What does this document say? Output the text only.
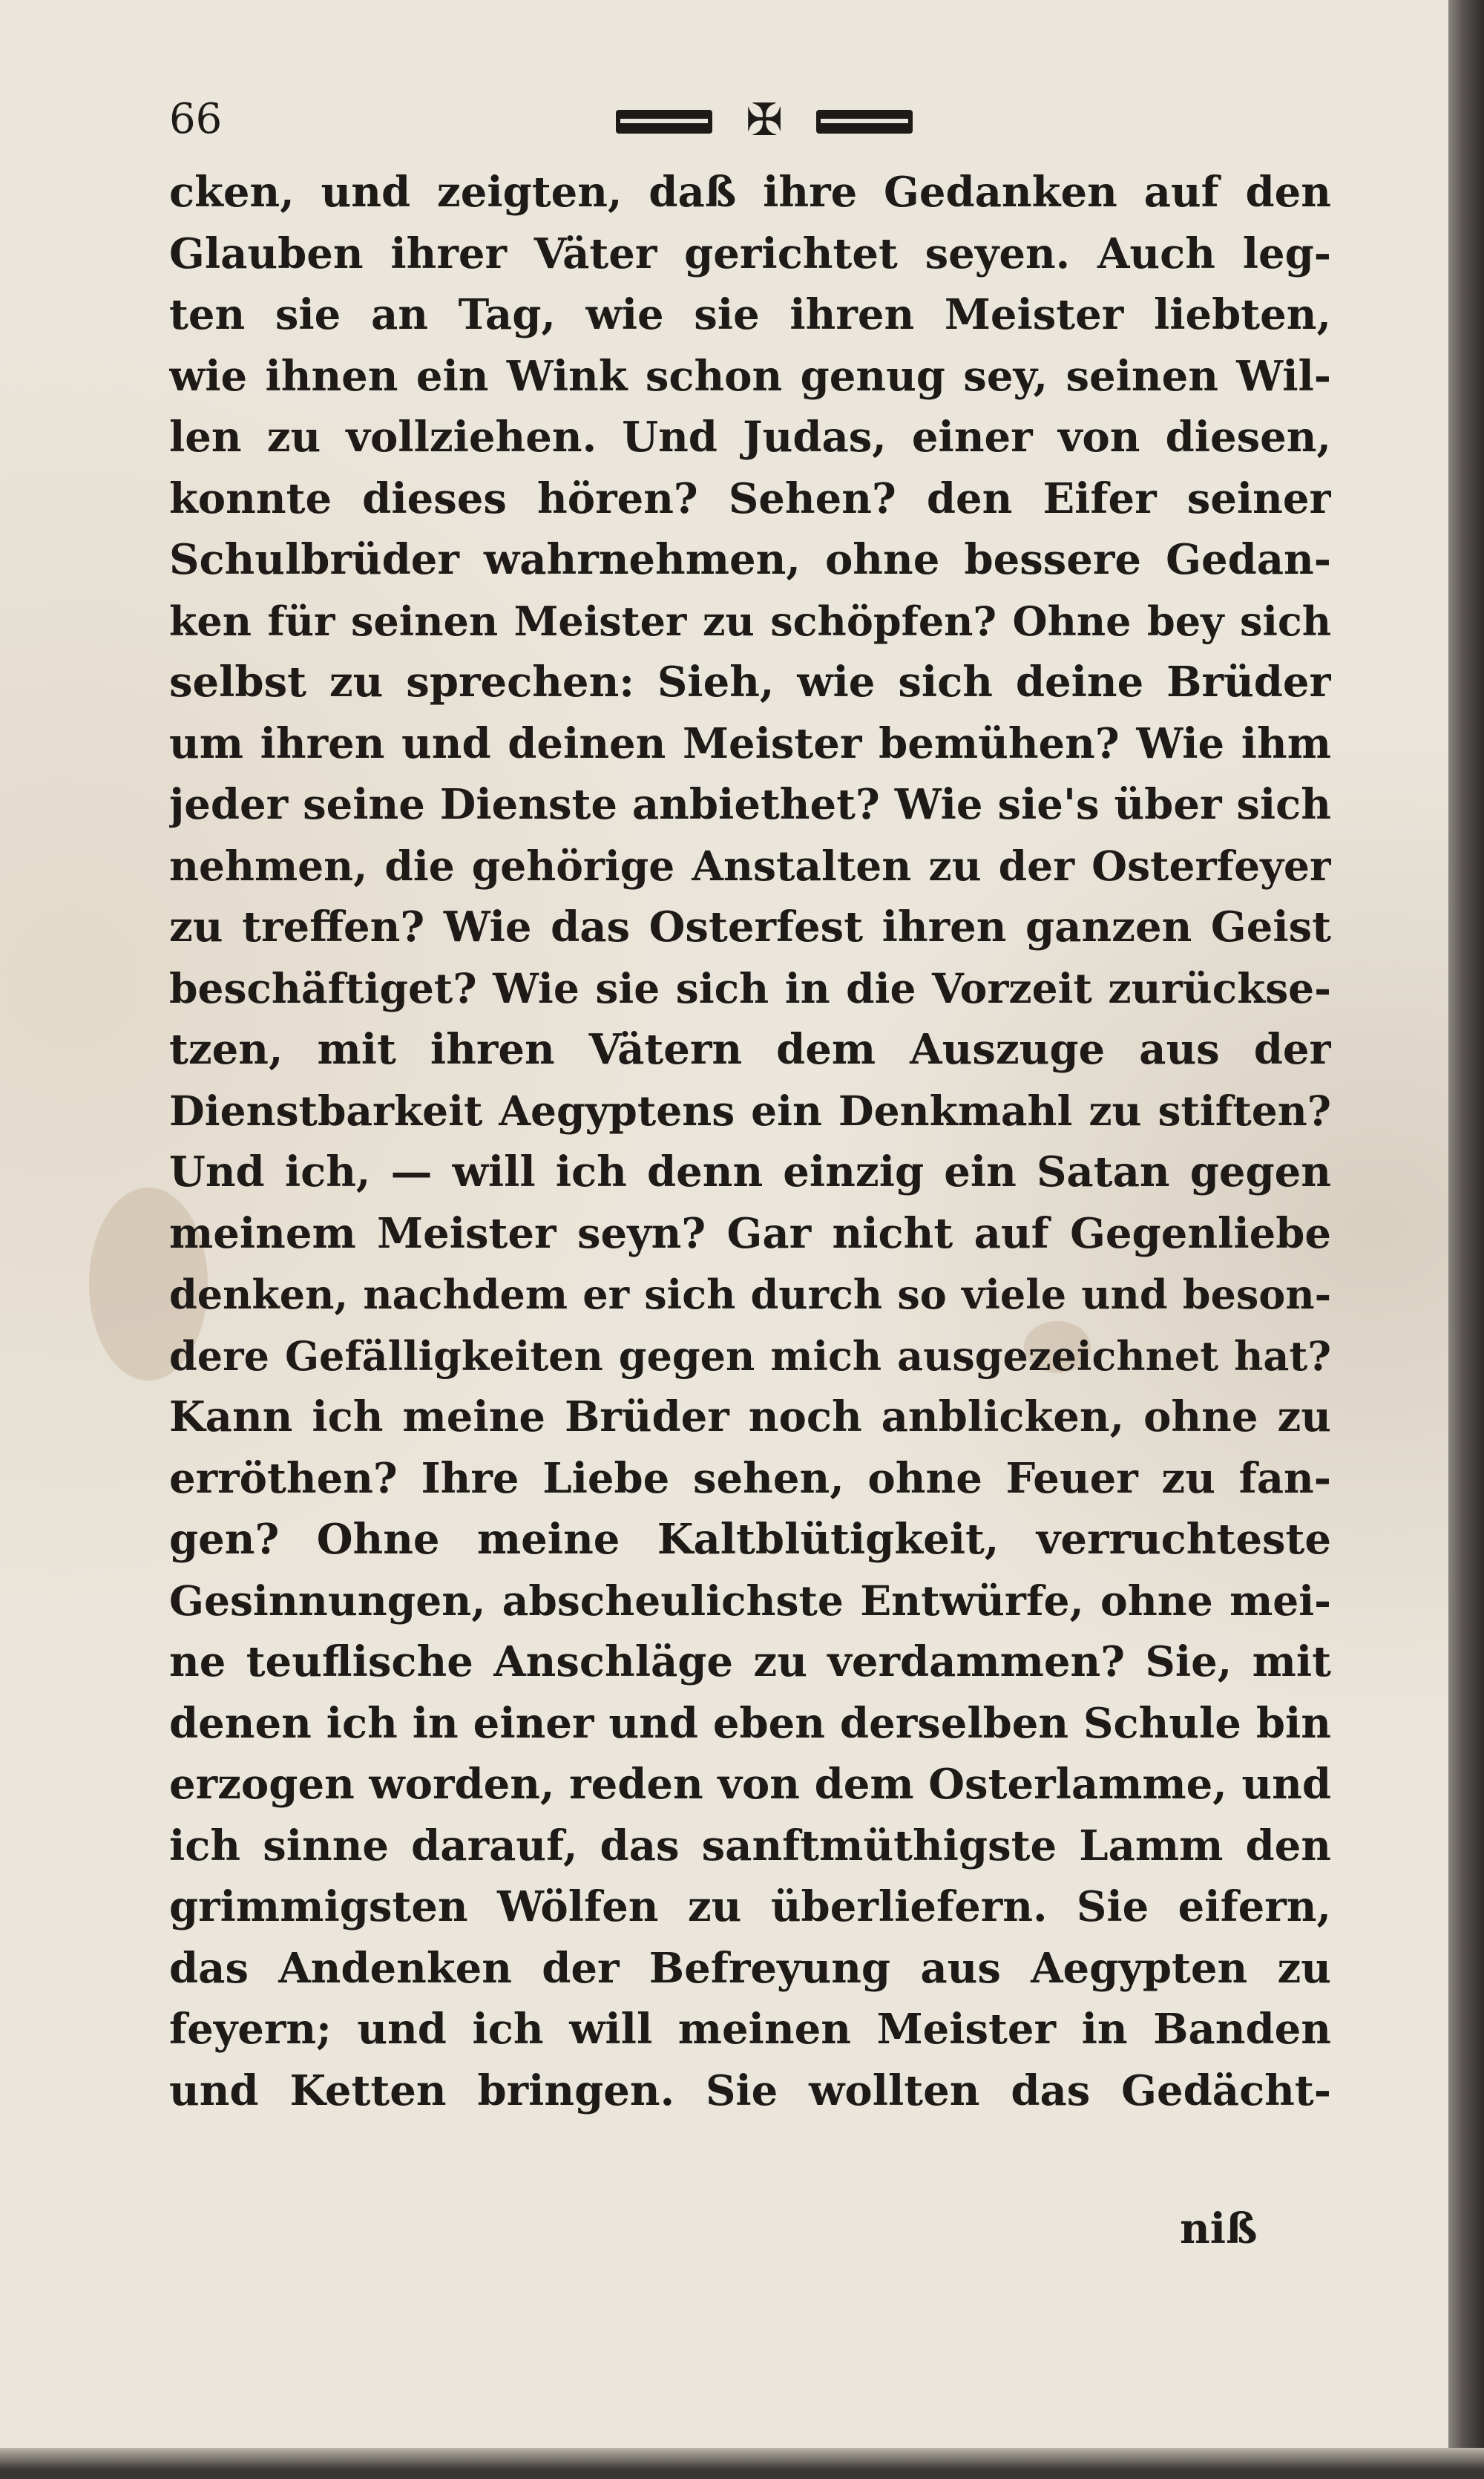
66	✠
cken, und zeigten, daß ihre Gedanken auf den
Glauben ihrer Väter gerichtet seyen. Auch leg-
ten sie an Tag, wie sie ihren Meister liebten,
wie ihnen ein Wink schon genug sey, seinen Wil-
len zu vollziehen. Und Judas, einer von diesen,
konnte dieses hören? Sehen? den Eifer seiner
Schulbrüder wahrnehmen, ohne bessere Gedan-
ken für seinen Meister zu schöpfen? Ohne bey sich
selbst zu sprechen: Sieh, wie sich deine Brüder
um ihren und deinen Meister bemühen? Wie ihm
jeder seine Dienste anbiethet? Wie sie's über sich
nehmen, die gehörige Anstalten zu der Osterfeyer
zu treffen? Wie das Osterfest ihren ganzen Geist
beschäftiget? Wie sie sich in die Vorzeit zurückse-
tzen, mit ihren Vätern dem Auszuge aus der
Dienstbarkeit Aegyptens ein Denkmahl zu stiften?
Und ich, — will ich denn einzig ein Satan gegen
meinem Meister seyn? Gar nicht auf Gegenliebe
denken, nachdem er sich durch so viele und beson-
dere Gefälligkeiten gegen mich ausgezeichnet hat?
Kann ich meine Brüder noch anblicken, ohne zu
erröthen? Ihre Liebe sehen, ohne Feuer zu fan-
gen? Ohne meine Kaltblütigkeit, verruchteste
Gesinnungen, abscheulichste Entwürfe, ohne mei-
ne teuflische Anschläge zu verdammen? Sie, mit
denen ich in einer und eben derselben Schule bin
erzogen worden, reden von dem Osterlamme, und
ich sinne darauf, das sanftmüthigste Lamm den
grimmigsten Wölfen zu überliefern. Sie eifern,
das Andenken der Befreyung aus Aegypten zu
feyern; und ich will meinen Meister in Banden
und Ketten bringen. Sie wollten das Gedächt-
niß
